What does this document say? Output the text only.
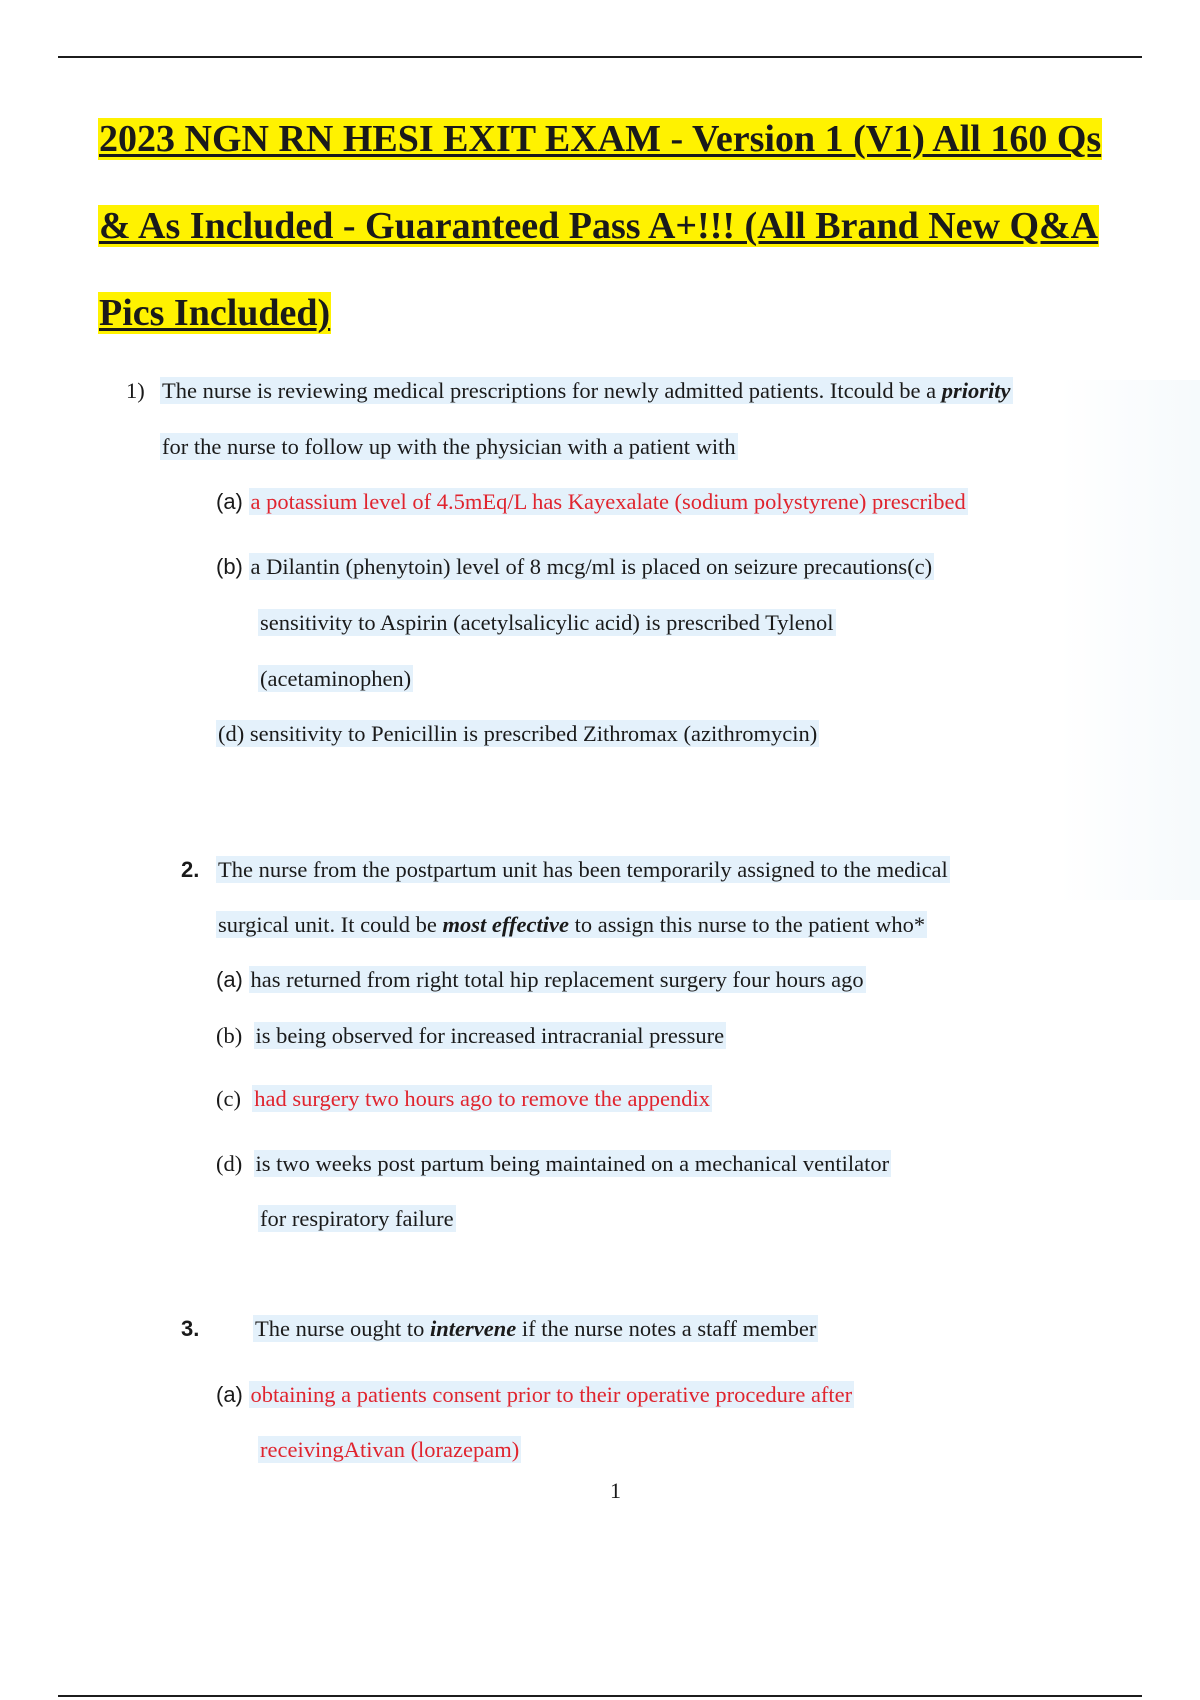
2023 NGN RN HESI EXIT EXAM - Version 1 (V1) All 160 Qs
& As Included - Guaranteed Pass A+!!! (All Brand New Q&A
Pics Included)
1) The nurse is reviewing medical prescriptions for newly admitted patients. Itcould be a priority
for the nurse to follow up with the physician with a patient with
(a) a potassium level of 4.5mEq/L has Kayexalate (sodium polystyrene) prescribed
(b) a Dilantin (phenytoin) level of 8 mcg/ml is placed on seizure precautions(c)
sensitivity to Aspirin (acetylsalicylic acid) is prescribed Tylenol
(acetaminophen)
(d) sensitivity to Penicillin is prescribed Zithromax (azithromycin)
2. The nurse from the postpartum unit has been temporarily assigned to the medical
surgical unit. It could be most effective to assign this nurse to the patient who*
(a) has returned from right total hip replacement surgery four hours ago
(b) is being observed for increased intracranial pressure
(c) had surgery two hours ago to remove the appendix
(d) is two weeks post partum being maintained on a mechanical ventilator
for respiratory failure
3. The nurse ought to intervene if the nurse notes a staff member
(a) obtaining a patients consent prior to their operative procedure after
receivingAtivan (lorazepam)
1
